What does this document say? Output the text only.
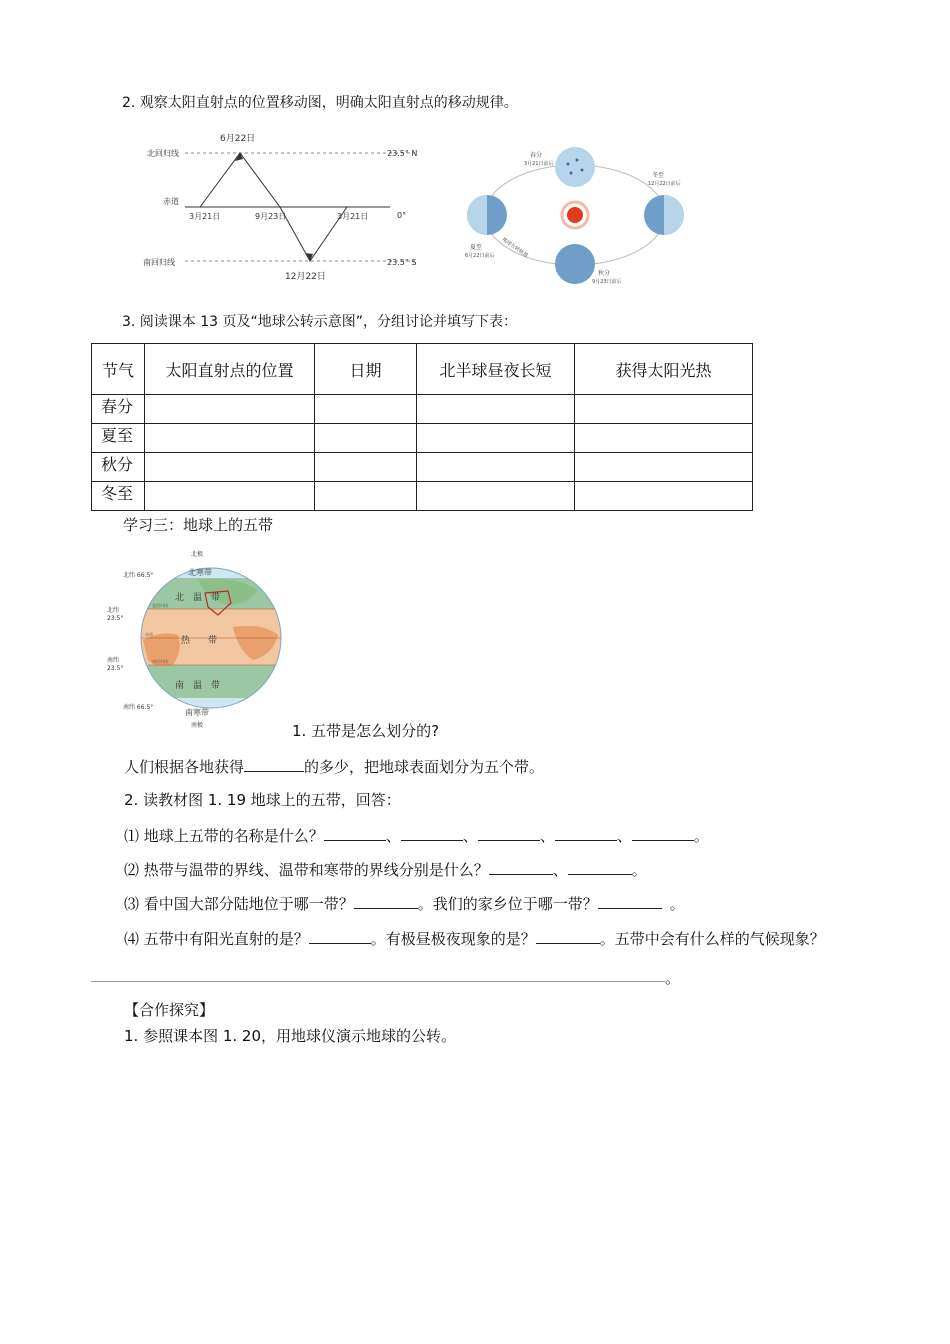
2. 观察太阳直射点的位置移动图，明确太阳直射点的移动规律。
6月22日
北回归线	23.5° N
赤道
0°
3月21日	9月23日	3月21日
南回归线	23.5° S
12月22日
春分
3月21日前后
冬至
12月22日前后
夏至
6月22日前后
秋分
9月23日前后
地球公转轨道
3. 阅读课本 13 页及“地球公转示意图”，分组讨论并填写下表：
节气	太阳直射点的位置	日期	北半球昼夜长短	获得太阳光热
春分				
夏至				
秋分				
冬至				
学习三：地球上的五带
北极
北寒带
北　温　带
热　　带
南　温　带
南寒带
南极
北纬 66.5°
北纬
23.5°
南纬
23.5°
南纬 66.5°
北回归线
赤道
南回归线
1. 五带是怎么划分的?
人们根据各地获得	的多少，把地球表面划分为五个带。
2. 读教材图 1. 19 地球上的五带，回答：
⑴ 地球上五带的名称是什么？	、	、	、	、	。
⑵ 热带与温带的界线、温带和寒带的界线分别是什么？	、	。
⑶ 看中国大部分陆地位于哪一带？	。我们的家乡位于哪一带？	。
⑷ 五带中有阳光直射的是？	。有极昼极夜现象的是？	。五带中会有什么样的气候现象？
。
【合作探究】
1. 参照课本图 1. 20，用地球仪演示地球的公转。
